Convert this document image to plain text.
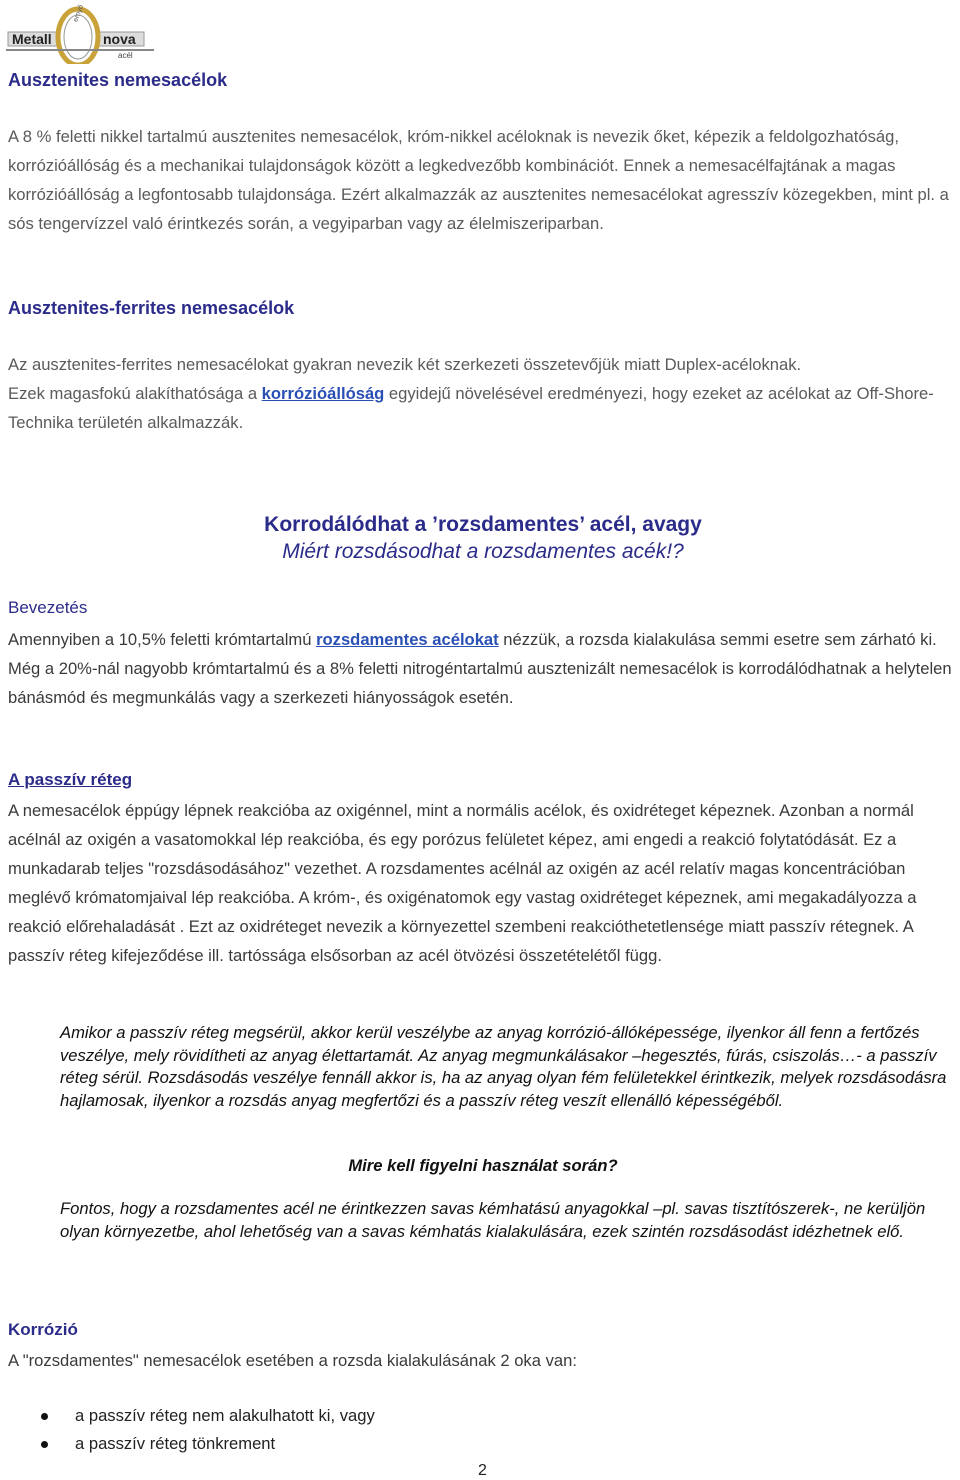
Metall	nova
acél
ernyő
Ausztenites nemesacélok
A 8 % feletti nikkel tartalmú ausztenites nemesacélok, króm-nikkel acéloknak is nevezik őket, képezik a feldolgozhatóság, korrózióállóság és a mechanikai tulajdonságok között a legkedvezőbb kombinációt. Ennek a nemesacélfajtának a magas korrózióállóság a legfontosabb tulajdonsága. Ezért alkalmazzák az ausztenites nemesacélokat agresszív közegekben, mint pl. a sós tengervízzel való érintkezés során, a vegyiparban vagy az élelmiszeriparban.
Ausztenites-ferrites nemesacélok
Az ausztenites-ferrites nemesacélokat gyakran nevezik két szerkezeti összetevőjük miatt Duplex-acéloknak.
Ezek magasfokú alakíthatósága a korrózióállóság egyidejű növelésével eredményezi, hogy ezeket az acélokat az Off-Shore-Technika területén alkalmazzák.
Korrodálódhat a ’rozsdamentes’ acél, avagy
Miért rozsdásodhat a rozsdamentes acék!?
Bevezetés
Amennyiben a 10,5% feletti krómtartalmú rozsdamentes acélokat nézzük, a rozsda kialakulása semmi esetre sem zárható ki. Még a 20%-nál nagyobb krómtartalmú és a 8% feletti nitrogéntartalmú ausztenizált nemesacélok is korrodálódhatnak a helytelen bánásmód és megmunkálás vagy a szerkezeti hiányosságok esetén.
A passzív réteg
A nemesacélok éppúgy lépnek reakcióba az oxigénnel, mint a normális acélok, és oxidréteget képeznek. Azonban a normál acélnál az oxigén a vasatomokkal lép reakcióba, és egy porózus felületet képez, ami engedi a reakció folytatódását. Ez a munkadarab teljes "rozsdásodásához" vezethet. A rozsdamentes acélnál az oxigén az acél relatív magas koncentrációban meglévő krómatomjaival lép reakcióba. A króm-, és oxigénatomok egy vastag oxidréteget képeznek, ami megakadályozza a reakció előrehaladását . Ezt az oxidréteget nevezik a környezettel szembeni reakcióthetetlensége miatt passzív rétegnek. A passzív réteg kifejeződése ill. tartóssága elsősorban az acél ötvözési összetételétől függ.
Amikor a passzív réteg megsérül, akkor kerül veszélybe az anyag korrózió-állóképessége, ilyenkor áll fenn a fertőzés veszélye, mely rövidítheti az anyag élettartamát. Az anyag megmunkálásakor –hegesztés, fúrás, csiszolás…- a passzív réteg sérül. Rozsdásodás veszélye fennáll akkor is, ha az anyag olyan fém felületekkel érintkezik, melyek rozsdásodásra hajlamosak, ilyenkor a rozsdás anyag megfertőzi és a passzív réteg veszít ellenálló képességéből.
Mire kell figyelni használat során?
Fontos, hogy a rozsdamentes acél ne érintkezzen savas kémhatású anyagokkal –pl. savas tisztítószerek-, ne kerüljön olyan környezetbe, ahol lehetőség van a savas kémhatás kialakulására, ezek szintén rozsdásodást idézhetnek elő.
Korrózió
A "rozsdamentes" nemesacélok esetében a rozsda kialakulásának 2 oka van:
a passzív réteg nem alakulhatott ki, vagy
a passzív réteg tönkrement
2
